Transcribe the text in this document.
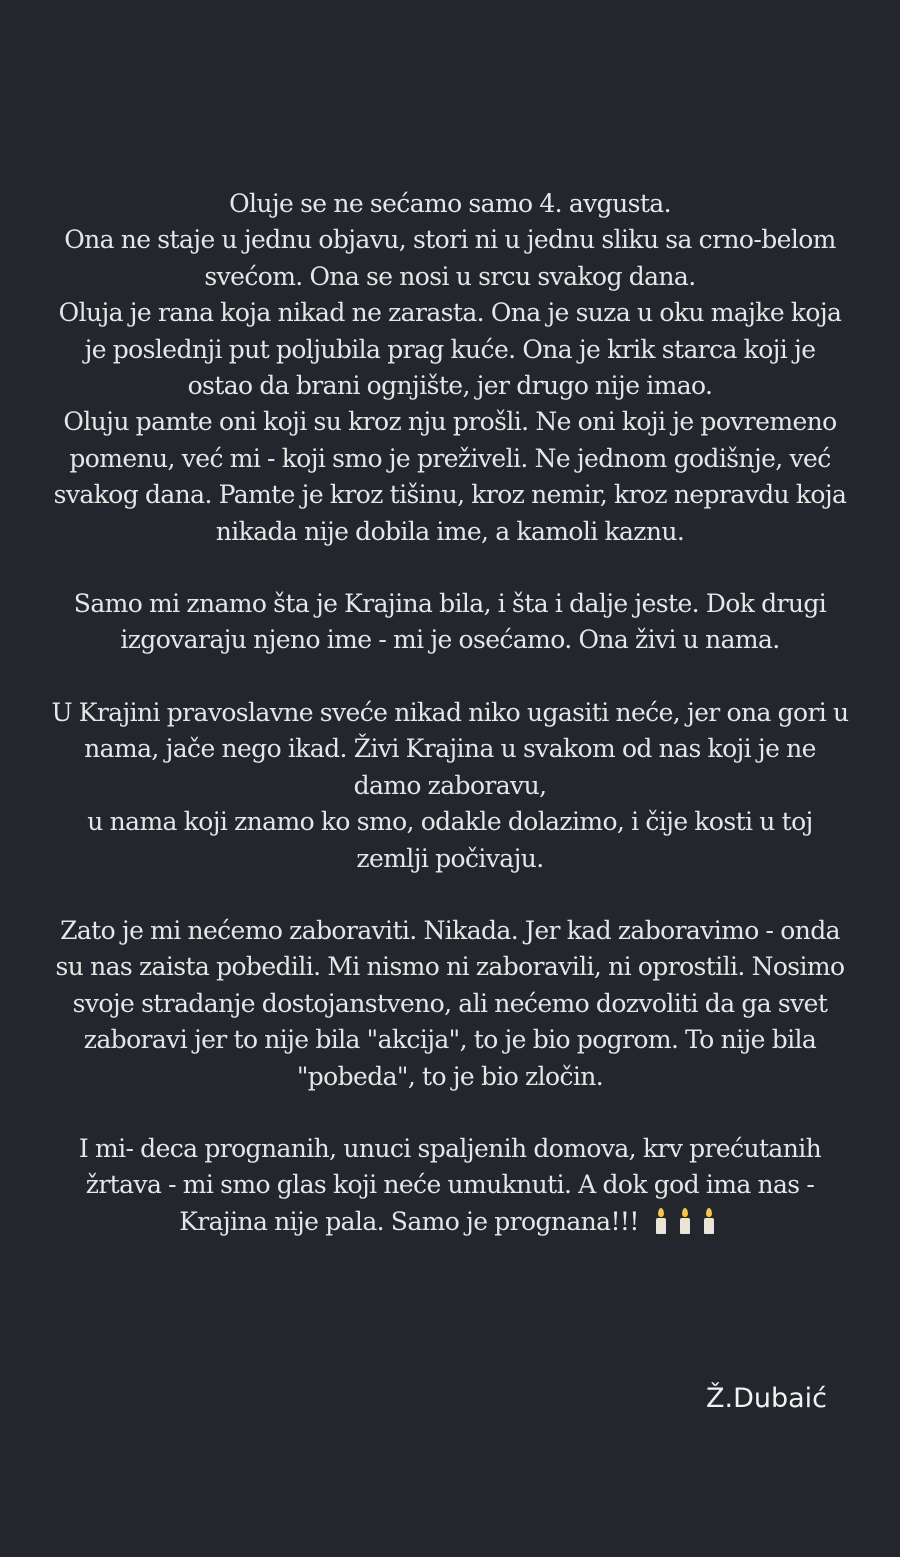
Oluje se ne sećamo samo 4. avgusta.
Ona ne staje u jednu objavu, stori ni u jednu sliku sa crno-belom
svećom. Ona se nosi u srcu svakog dana.
Oluja je rana koja nikad ne zarasta. Ona je suza u oku majke koja
je poslednji put poljubila prag kuće. Ona je krik starca koji je
ostao da brani ognjište, jer drugo nije imao.
Oluju pamte oni koji su kroz nju prošli. Ne oni koji je povremeno
pomenu, već mi - koji smo je preživeli. Ne jednom godišnje, već
svakog dana. Pamte je kroz tišinu, kroz nemir, kroz nepravdu koja
nikada nije dobila ime, a kamoli kaznu.

Samo mi znamo šta je Krajina bila, i šta i dalje jeste. Dok drugi
izgovaraju njeno ime - mi je osećamo. Ona živi u nama.

U Krajini pravoslavne sveće nikad niko ugasiti neće, jer ona gori u
nama, jače nego ikad. Živi Krajina u svakom od nas koji je ne
damo zaboravu,
u nama koji znamo ko smo, odakle dolazimo, i čije kosti u toj
zemlji počivaju.

Zato je mi nećemo zaboraviti. Nikada. Jer kad zaboravimo - onda
su nas zaista pobedili. Mi nismo ni zaboravili, ni oprostili. Nosimo
svoje stradanje dostojanstveno, ali nećemo dozvoliti da ga svet
zaboravi jer to nije bila "akcija", to je bio pogrom. To nije bila
"pobeda", to je bio zločin.

I mi- deca prognanih, unuci spaljenih domova, krv prećutanih
žrtava - mi smo glas koji neće umuknuti. A dok god ima nas -
Krajina nije pala. Samo je prognana!!!

Ž.Dubaić
